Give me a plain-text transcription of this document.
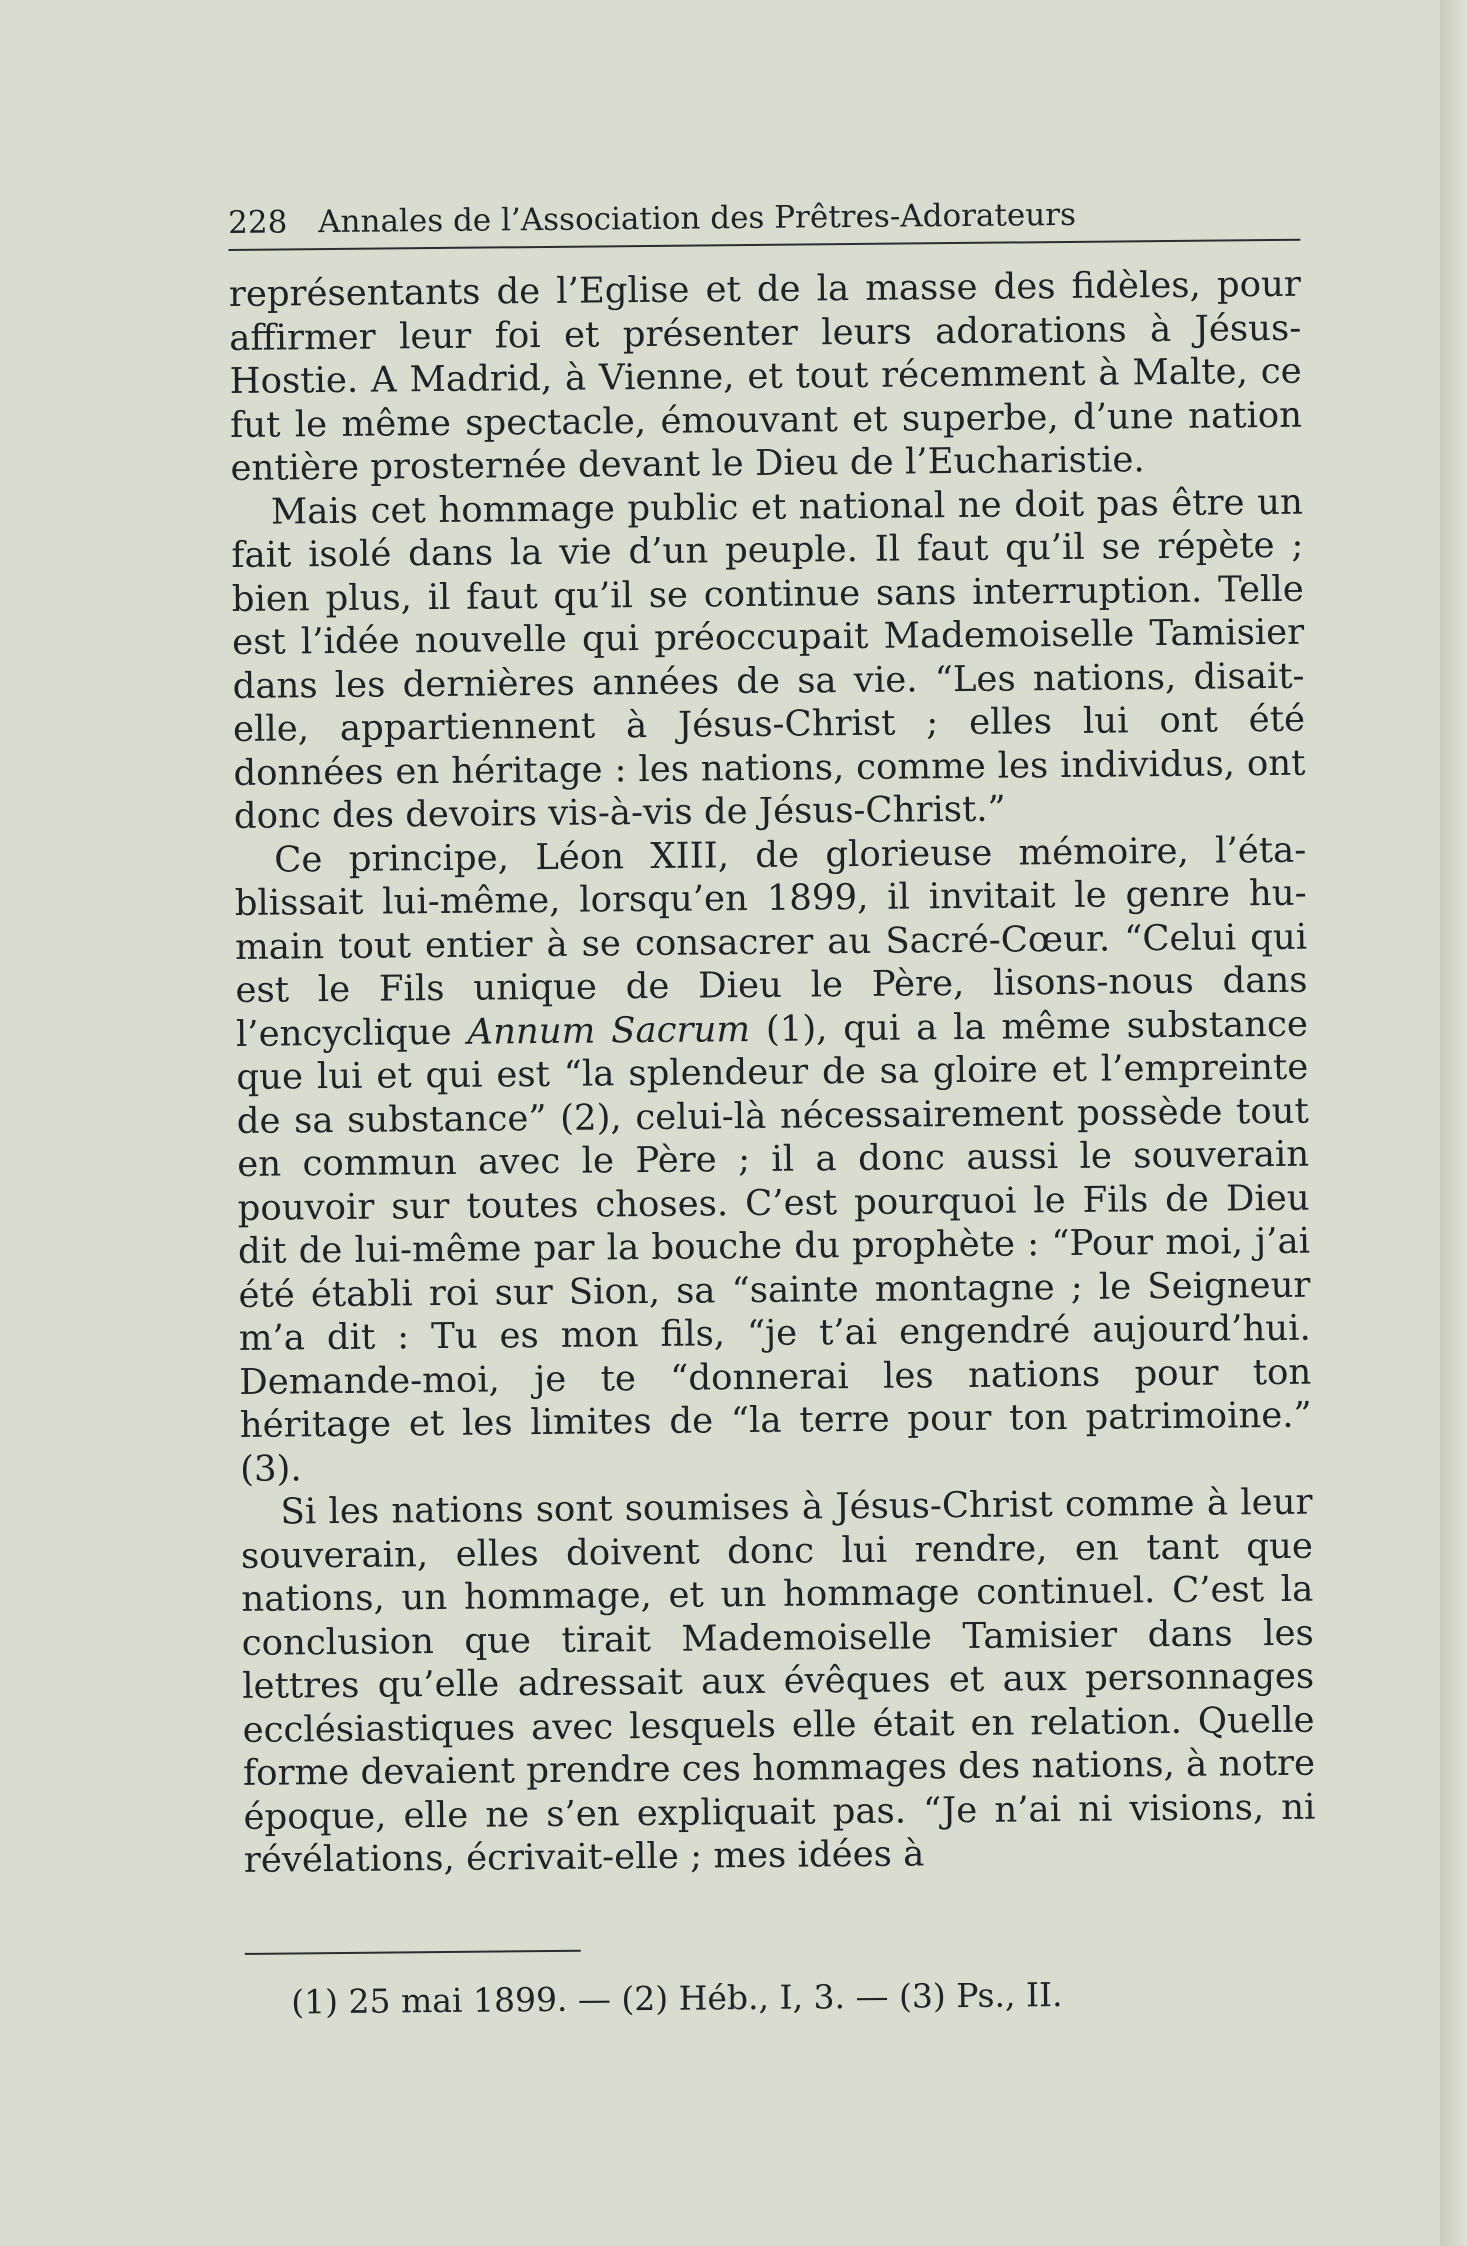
228 Annales de l’Association des Prêtres-Adorateurs

représentants de l’Eglise et de la masse des fidèles, pour affirmer leur foi et présenter leurs adorations à Jésus-Hostie. A Madrid, à Vienne, et tout récemment à Malte, ce fut le même spectacle, émouvant et superbe, d’une nation entière prosternée devant le Dieu de l’Eucharistie.

Mais cet hommage public et national ne doit pas être un fait isolé dans la vie d’un peuple. Il faut qu’il se répète ; bien plus, il faut qu’il se continue sans interruption. Telle est l’idée nouvelle qui préoccupait Mademoiselle Tamisier dans les dernières années de sa vie. “Les nations, disait-elle, appartiennent à Jésus-Christ ; elles lui ont été données en héritage : les nations, comme les individus, ont donc des devoirs vis-à-vis de Jésus-Christ.”

Ce principe, Léon XIII, de glorieuse mémoire, l’établissait lui-même, lorsqu’en 1899, il invitait le genre humain tout entier à se consacrer au Sacré-Cœur. “Celui qui est le Fils unique de Dieu le Père, lisons-nous dans l’encyclique Annum Sacrum (1), qui a la même substance que lui et qui est “la splendeur de sa gloire et l’empreinte de sa substance” (2), celui-là nécessairement possède tout en commun avec le Père ; il a donc aussi le souverain pouvoir sur toutes choses. C’est pourquoi le Fils de Dieu dit de lui-même par la bouche du prophète : “Pour moi, j’ai été établi roi sur Sion, sa “sainte montagne ; le Seigneur m’a dit : Tu es mon fils, “je t’ai engendré aujourd’hui. Demande-moi, je te “donnerai les nations pour ton héritage et les limites de “la terre pour ton patrimoine.” (3).

Si les nations sont soumises à Jésus-Christ comme à leur souverain, elles doivent donc lui rendre, en tant que nations, un hommage, et un hommage continuel. C’est la conclusion que tirait Mademoiselle Tamisier dans les lettres qu’elle adressait aux évêques et aux personnages ecclésiastiques avec lesquels elle était en relation. Quelle forme devaient prendre ces hommages des nations, à notre époque, elle ne s’en expliquait pas. “Je n’ai ni visions, ni révélations, écrivait-elle ; mes idées à

(1) 25 mai 1899. — (2) Héb., I, 3. — (3) Ps., II.
